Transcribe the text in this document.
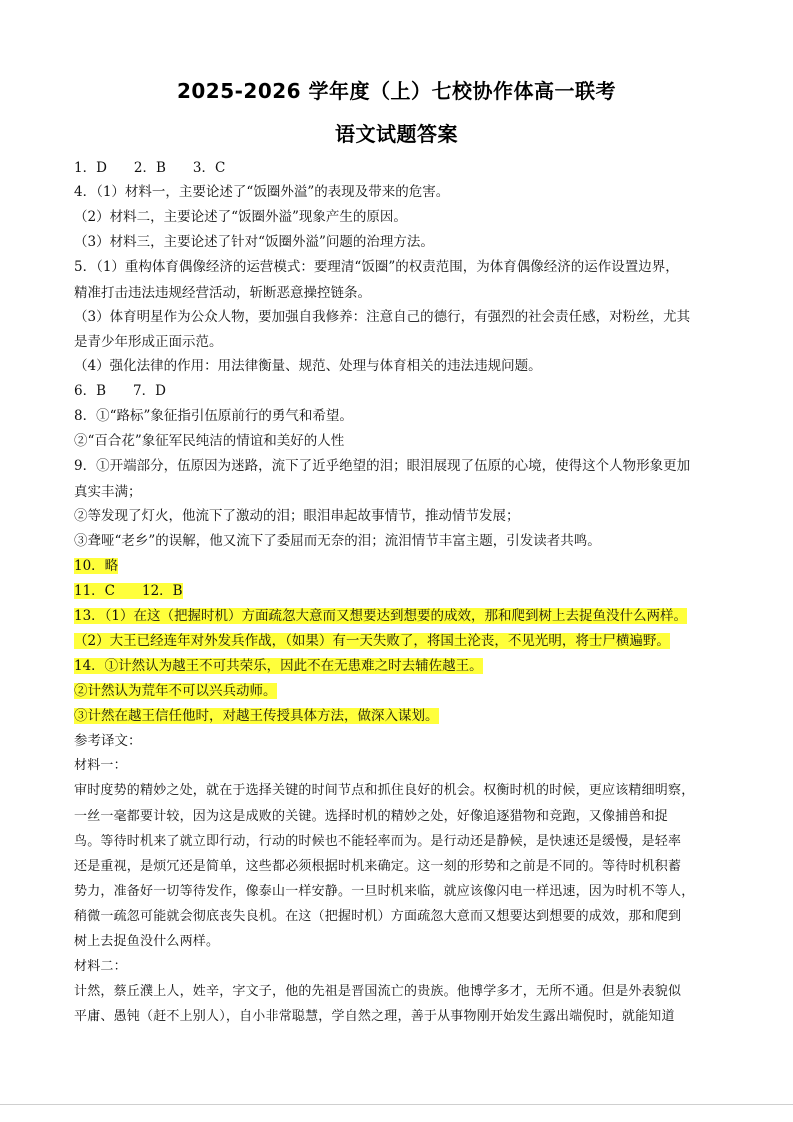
2025-2026 学年度（上）七校协作体高一联考
语文试题答案
1．D　　2．B　　3．C
4．（1）材料一，主要论述了“饭圈外溢”的表现及带来的危害。
（2）材料二，主要论述了“饭圈外溢”现象产生的原因。
（3）材料三，主要论述了针对“饭圈外溢”问题的治理方法。
5．（1）重构体育偶像经济的运营模式：要理清“饭圈”的权责范围，为体育偶像经济的运作设置边界，
精准打击违法违规经营活动，斩断恶意操控链条。
（3）体育明星作为公众人物，要加强自我修养：注意自己的德行，有强烈的社会责任感，对粉丝，尤其
是青少年形成正面示范。
（4）强化法律的作用：用法律衡量、规范、处理与体育相关的违法违规问题。
6．B　　7．D
8．①“路标”象征指引伍原前行的勇气和希望。
②“百合花”象征军民纯洁的情谊和美好的人性
9．①开端部分，伍原因为迷路，流下了近乎绝望的泪；眼泪展现了伍原的心境，使得这个人物形象更加
真实丰满；
②等发现了灯火，他流下了激动的泪；眼泪串起故事情节，推动情节发展；
③聋哑“老乡”的误解，他又流下了委屈而无奈的泪；流泪情节丰富主题，引发读者共鸣。
10．略
11．C　　12．B
13．（1）在这（把握时机）方面疏忽大意而又想要达到想要的成效，那和爬到树上去捉鱼没什么两样。
（2）大王已经连年对外发兵作战，（如果）有一天失败了，将国土沦丧，不见光明，将士尸横遍野。
14．①计然认为越王不可共荣乐，因此不在无患难之时去辅佐越王。
②计然认为荒年不可以兴兵动师。
③计然在越王信任他时，对越王传授具体方法，做深入谋划。
参考译文：
材料一：
审时度势的精妙之处，就在于选择关键的时间节点和抓住良好的机会。权衡时机的时候，更应该精细明察，
一丝一毫都要计较，因为这是成败的关键。选择时机的精妙之处，好像追逐猎物和竞跑，又像捕兽和捉
鸟。等待时机来了就立即行动，行动的时候也不能轻率而为。是行动还是静候，是快速还是缓慢，是轻率
还是重视，是烦冗还是简单，这些都必须根据时机来确定。这一刻的形势和之前是不同的。等待时机积蓄
势力，准备好一切等待发作，像泰山一样安静。一旦时机来临，就应该像闪电一样迅速，因为时机不等人，
稍微一疏忽可能就会彻底丧失良机。在这（把握时机）方面疏忽大意而又想要达到想要的成效，那和爬到
树上去捉鱼没什么两样。
材料二：
计然，蔡丘濮上人，姓辛，字文子，他的先祖是晋国流亡的贵族。他博学多才，无所不通。但是外表貌似
平庸、愚钝（赶不上别人），自小非常聪慧，学自然之理，善于从事物刚开始发生露出端倪时，就能知道
